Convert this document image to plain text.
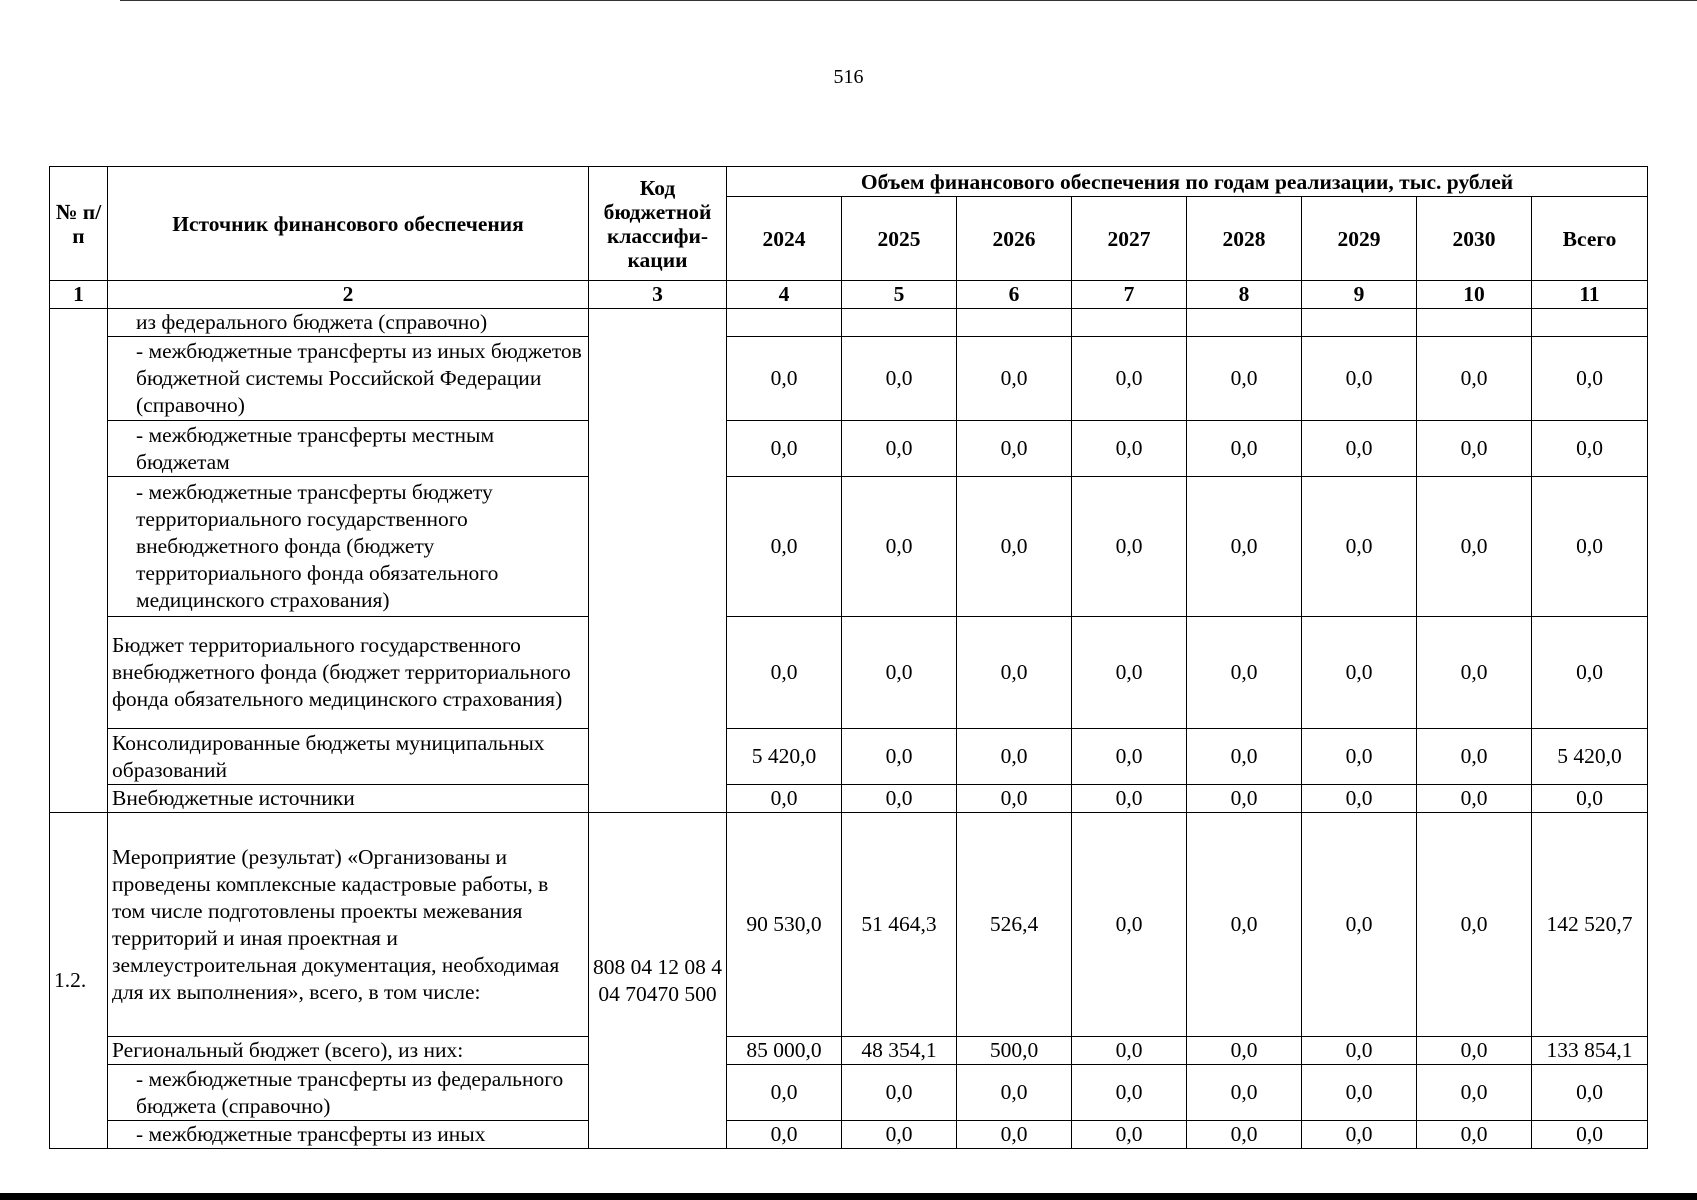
516
№ п/п	Источник финансового обеспечения	Код бюджетной классифи-кации	Объем финансового обеспечения по годам реализации, тыс. рублей							
			2024	2025	2026	2027	2028	2029	2030	Всего
1	2	3	4	5	6	7	8	9	10	11
	из федерального бюджета (справочно)									
	- межбюджетные трансферты из иных бюджетов бюджетной системы Российской Федерации (справочно)		0,0	0,0	0,0	0,0	0,0	0,0	0,0	0,0
	- межбюджетные трансферты местным бюджетам		0,0	0,0	0,0	0,0	0,0	0,0	0,0	0,0
	- межбюджетные трансферты бюджету территориального государственного внебюджетного фонда (бюджету территориального фонда обязательного медицинского страхования)		0,0	0,0	0,0	0,0	0,0	0,0	0,0	0,0
	Бюджет территориального государственного внебюджетного фонда (бюджет территориального фонда обязательного медицинского страхования)		0,0	0,0	0,0	0,0	0,0	0,0	0,0	0,0
	Консолидированные бюджеты муниципальных образований		5 420,0	0,0	0,0	0,0	0,0	0,0	0,0	5 420,0
	Внебюджетные источники		0,0	0,0	0,0	0,0	0,0	0,0	0,0	0,0
1.2.	Мероприятие (результат) «Организованы и проведены комплексные кадастровые работы, в том числе подготовлены проекты межевания территорий и иная проектная и землеустроительная документация, необходимая для их выполнения», всего, в том числе:	808 04 12 08 4 04 70470 500	90 530,0	51 464,3	526,4	0,0	0,0	0,0	0,0	142 520,7
	Региональный бюджет (всего), из них:		85 000,0	48 354,1	500,0	0,0	0,0	0,0	0,0	133 854,1
	- межбюджетные трансферты из федерального бюджета (справочно)		0,0	0,0	0,0	0,0	0,0	0,0	0,0	0,0
	- межбюджетные трансферты из иных		0,0	0,0	0,0	0,0	0,0	0,0	0,0	0,0
